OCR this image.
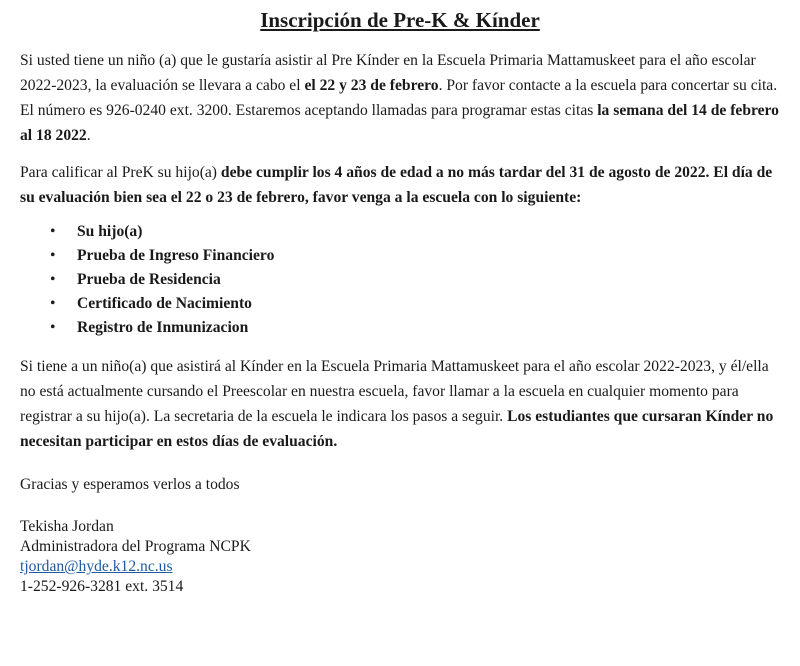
Inscripción de Pre-K & Kínder

Si usted tiene un niño (a) que le gustaría asistir al Pre Kínder en la Escuela Primaria Mattamuskeet para el año escolar 2022-2023, la evaluación se llevara a cabo el el 22 y 23 de febrero. Por favor contacte a la escuela para concertar su cita. El número es 926-0240 ext. 3200. Estaremos aceptando llamadas para programar estas citas la semana del 14 de febrero al 18 2022.

Para calificar al PreK su hijo(a) debe cumplir los 4 años de edad a no más tardar del 31 de agosto de 2022. El día de su evaluación bien sea el 22 o 23 de febrero, favor venga a la escuela con lo siguiente:

• Su hijo(a)
• Prueba de Ingreso Financiero
• Prueba de Residencia
• Certificado de Nacimiento
• Registro de Inmunizacion

Si tiene a un niño(a) que asistirá al Kínder en la Escuela Primaria Mattamuskeet para el año escolar 2022-2023, y él/ella no está actualmente cursando el Preescolar en nuestra escuela, favor llamar a la escuela en cualquier momento para registrar a su hijo(a). La secretaria de la escuela le indicara los pasos a seguir. Los estudiantes que cursaran Kínder no necesitan participar en estos días de evaluación.

Gracias y esperamos verlos a todos

Tekisha Jordan

Administradora del Programa NCPK

tjordan@hyde.k12.nc.us

1-252-926-3281 ext. 3514
